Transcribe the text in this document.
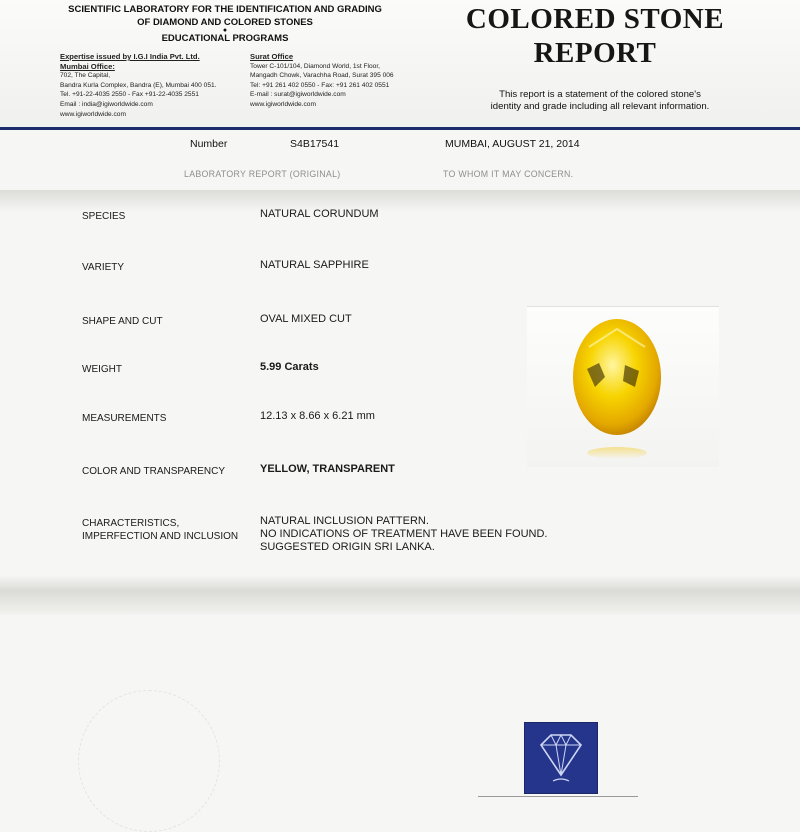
SCIENTIFIC LABORATORY FOR THE IDENTIFICATION AND GRADING
OF DIAMOND AND COLORED STONES
●
EDUCATIONAL PROGRAMS
Expertise issued by I.G.I India Pvt. Ltd.
Mumbai Office:
702, The Capital,
Bandra Kurla Complex, Bandra (E), Mumbai 400 051.
Tel. +91-22-4035 2550 - Fax +91-22-4035 2551
Email : india@igiworldwide.com
www.igiworldwide.com
Surat Office
Tower C-101/104, Diamond World, 1st Floor,
Mangadh Chowk, Varachha Road, Surat 395 006
Tel: +91 261 402 0550 - Fax: +91 261 402 0551
E-mail : surat@igiworldwide.com
www.igiworldwide.com
COLORED STONE
REPORT
This report is a statement of the colored stone's
identity and grade including all relevant information.
Number	S4B17541	MUMBAI, AUGUST 21, 2014
LABORATORY REPORT (ORIGINAL)	TO WHOM IT MAY CONCERN.
SPECIES	NATURAL CORUNDUM
VARIETY	NATURAL SAPPHIRE
SHAPE AND CUT	OVAL MIXED CUT
WEIGHT	5.99 Carats
MEASUREMENTS	12.13 x 8.66 x 6.21 mm
COLOR AND TRANSPARENCY	YELLOW, TRANSPARENT
CHARACTERISTICS,
IMPERFECTION AND INCLUSION
NATURAL INCLUSION PATTERN.
NO INDICATIONS OF TREATMENT HAVE BEEN FOUND.
SUGGESTED ORIGIN SRI LANKA.
